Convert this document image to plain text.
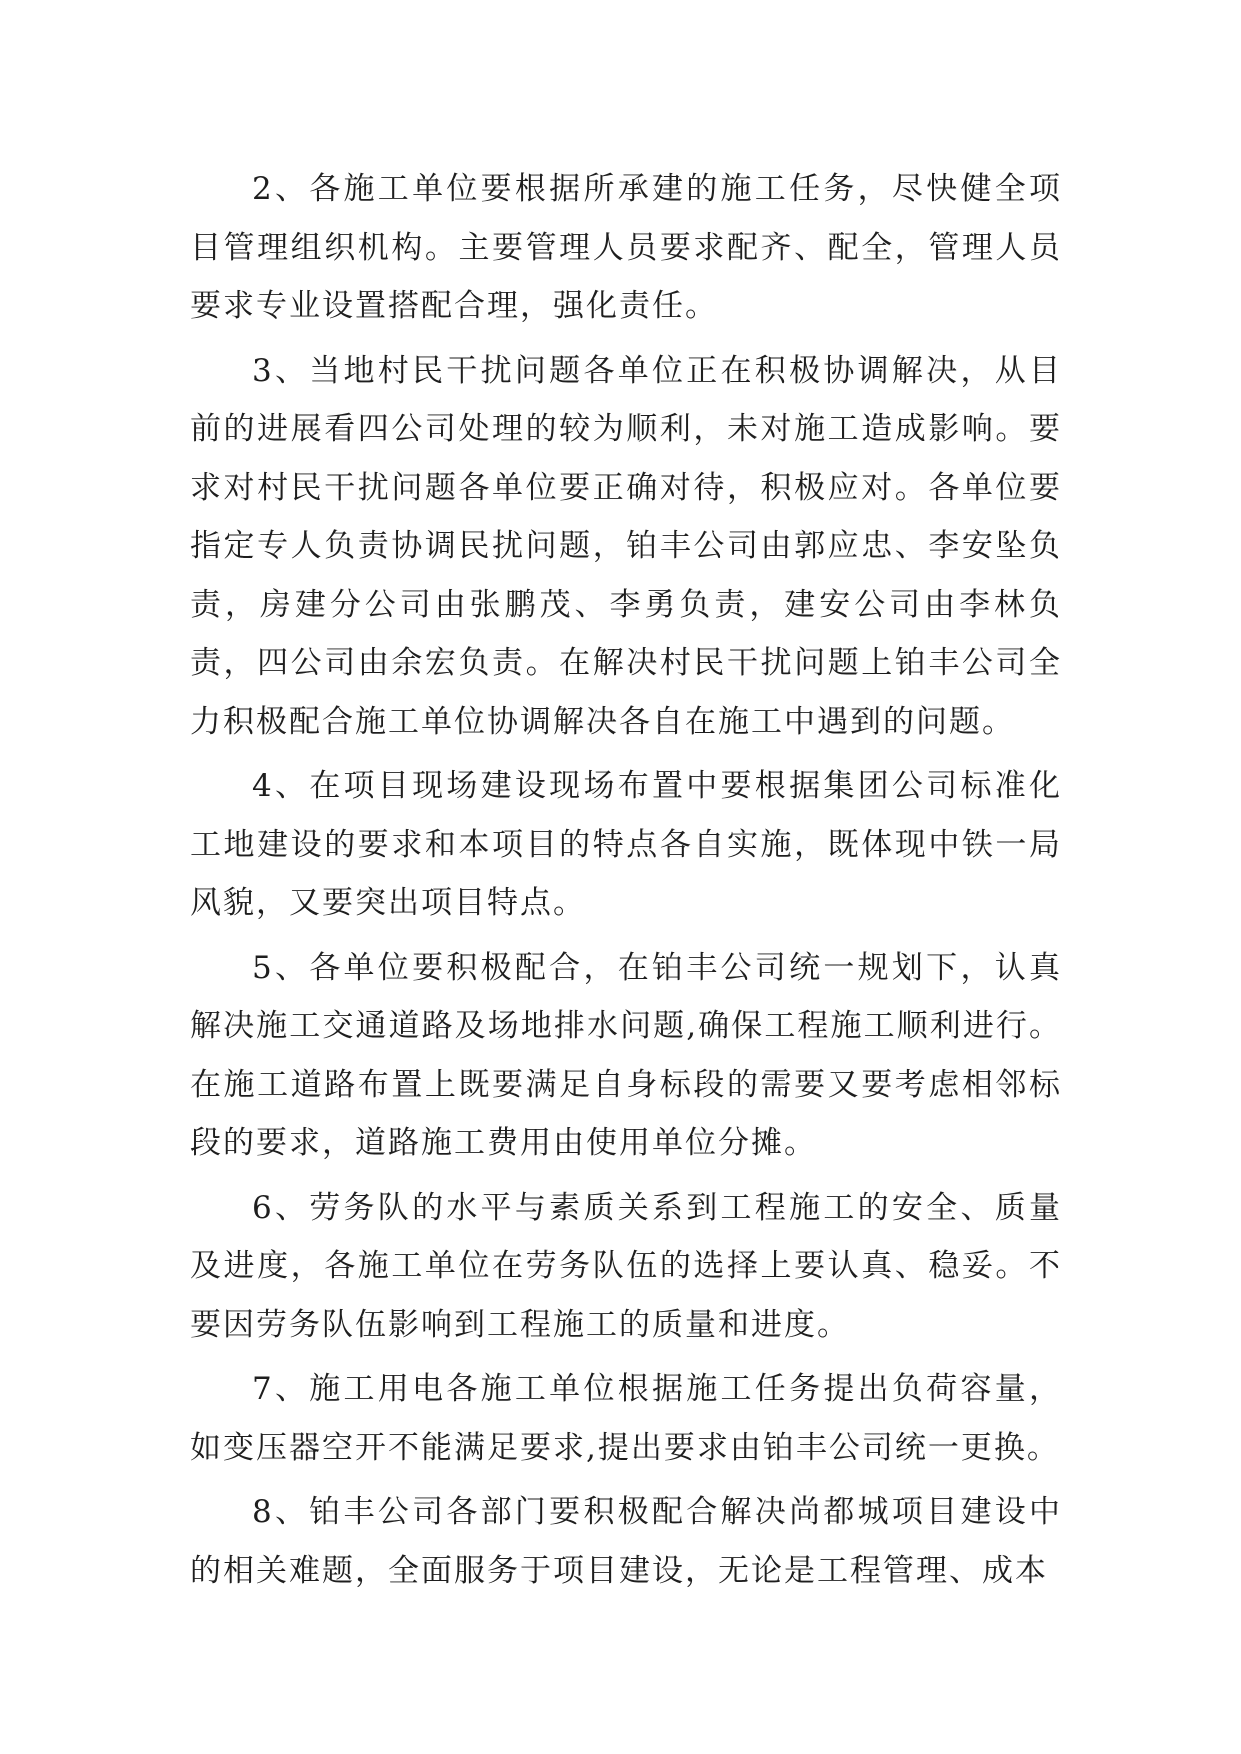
2、各施工单位要根据所承建的施工任务，尽快健全项目管理组织机构。主要管理人员要求配齐、配全，管理人员要求专业设置搭配合理，强化责任。

3、当地村民干扰问题各单位正在积极协调解决，从目前的进展看四公司处理的较为顺利，未对施工造成影响。要求对村民干扰问题各单位要正确对待，积极应对。各单位要指定专人负责协调民扰问题，铂丰公司由郭应忠、李安坠负责，房建分公司由张鹏茂、李勇负责，建安公司由李林负责，四公司由余宏负责。在解决村民干扰问题上铂丰公司全力积极配合施工单位协调解决各自在施工中遇到的问题。

4、在项目现场建设现场布置中要根据集团公司标准化工地建设的要求和本项目的特点各自实施，既体现中铁一局风貌，又要突出项目特点。

5、各单位要积极配合，在铂丰公司统一规划下，认真解决施工交通道路及场地排水问题,确保工程施工顺利进行。在施工道路布置上既要满足自身标段的需要又要考虑相邻标段的要求，道路施工费用由使用单位分摊。

6、劳务队的水平与素质关系到工程施工的安全、质量及进度，各施工单位在劳务队伍的选择上要认真、稳妥。不要因劳务队伍影响到工程施工的质量和进度。

7、施工用电各施工单位根据施工任务提出负荷容量，如变压器空开不能满足要求,提出要求由铂丰公司统一更换。

8、铂丰公司各部门要积极配合解决尚都城项目建设中的相关难题，全面服务于项目建设，无论是工程管理、成本
